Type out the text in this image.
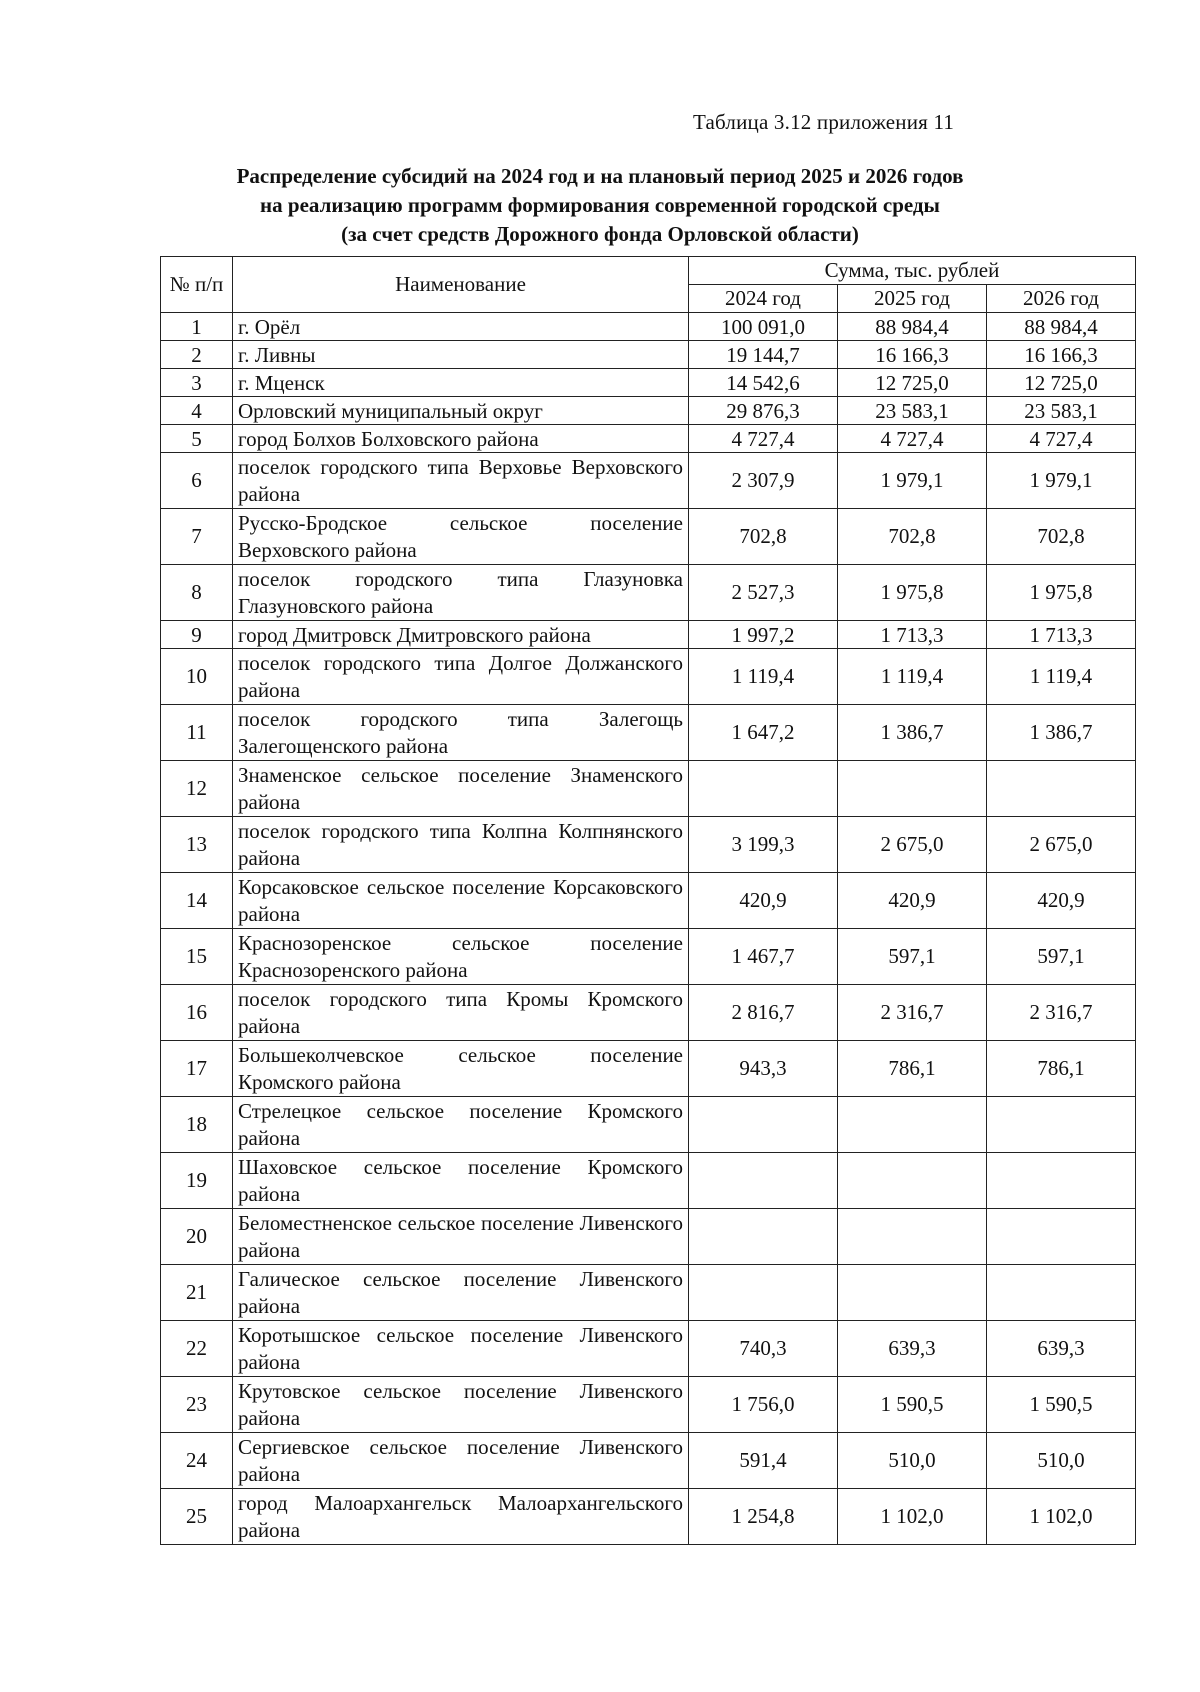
Таблица 3.12 приложения 11
Распределение субсидий на 2024 год и на плановый период 2025 и 2026 годов
на реализацию программ формирования современной городской среды
(за счет средств Дорожного фонда Орловской области)
№ п/п	Наименование	Сумма, тыс. рублей		
		2024 год	2025 год	2026 год
1	г. Орёл	100 091,0	88 984,4	88 984,4
2	г. Ливны	19 144,7	16 166,3	16 166,3
3	г. Мценск	14 542,6	12 725,0	12 725,0
4	Орловский муниципальный округ	29 876,3	23 583,1	23 583,1
5	город Болхов Болховского района	4 727,4	4 727,4	4 727,4
6	поселок городского типа Верховье Верховского района	2 307,9	1 979,1	1 979,1
7	Русско-Бродское сельское поселение Верховского района	702,8	702,8	702,8
8	поселок городского типа Глазуновка Глазуновского района	2 527,3	1 975,8	1 975,8
9	город Дмитровск Дмитровского района	1 997,2	1 713,3	1 713,3
10	поселок городского типа Долгое Должанского района	1 119,4	1 119,4	1 119,4
11	поселок городского типа Залегощь Залегощенского района	1 647,2	1 386,7	1 386,7
12	Знаменское сельское поселение Знаменского района			
13	поселок городского типа Колпна Колпнянского района	3 199,3	2 675,0	2 675,0
14	Корсаковское сельское поселение Корсаковского района	420,9	420,9	420,9
15	Краснозоренское сельское поселение Краснозоренского района	1 467,7	597,1	597,1
16	поселок городского типа Кромы Кромского района	2 816,7	2 316,7	2 316,7
17	Большеколчевское сельское поселение Кромского района	943,3	786,1	786,1
18	Стрелецкое сельское поселение Кромского района			
19	Шаховское сельское поселение Кромского района			
20	Беломестненское сельское поселение Ливенского района			
21	Галическое сельское поселение Ливенского района			
22	Коротышское сельское поселение Ливенского района	740,3	639,3	639,3
23	Крутовское сельское поселение Ливенского района	1 756,0	1 590,5	1 590,5
24	Сергиевское сельское поселение Ливенского района	591,4	510,0	510,0
25	город Малоархангельск Малоархангельского района	1 254,8	1 102,0	1 102,0
